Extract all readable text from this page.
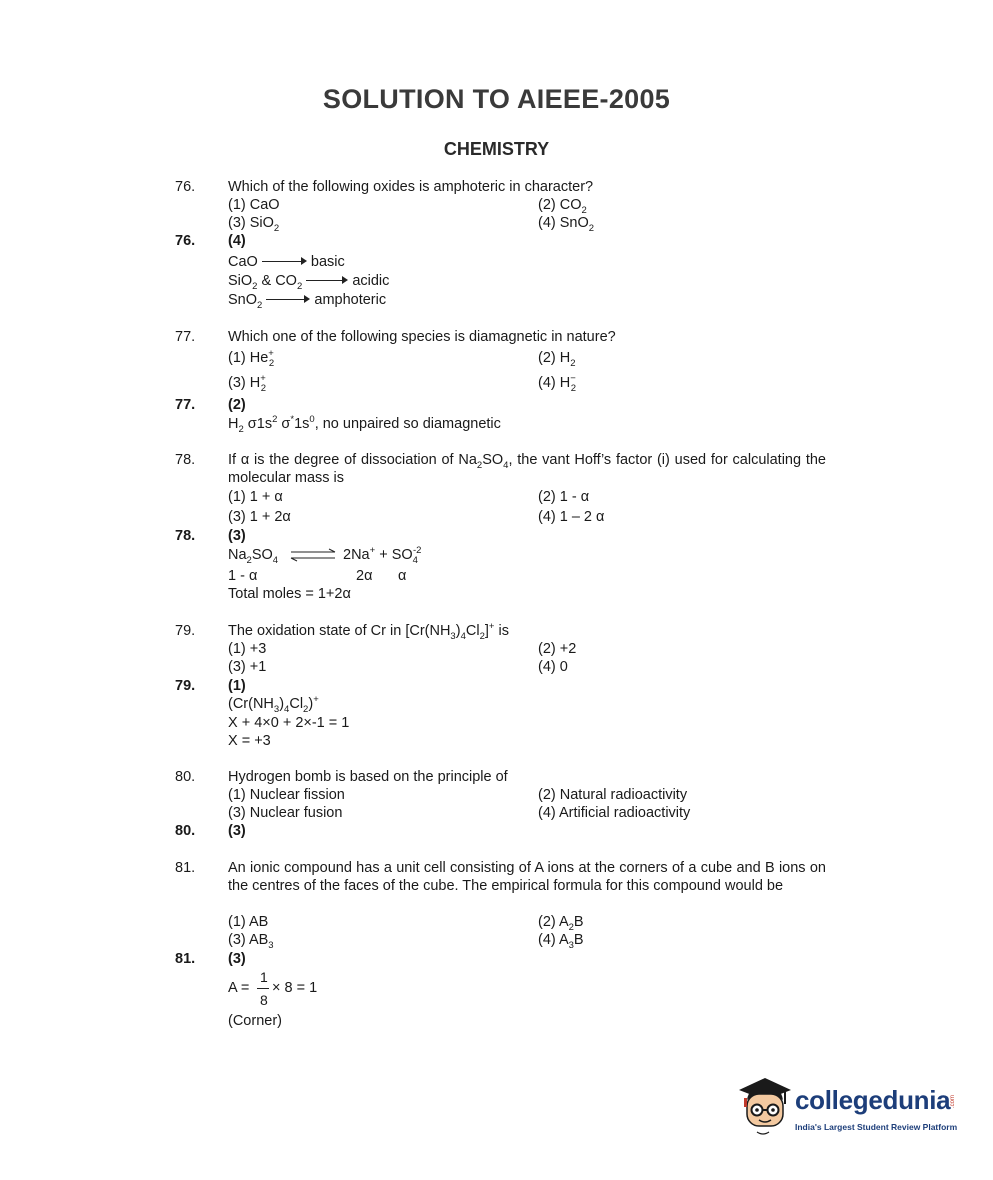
SOLUTION TO AIEEE-2005
CHEMISTRY
76. Which of the following oxides is amphoteric in character?
(1) CaO	(2) $CO_2$
(3) SiO$_2$	(4) SnO$_2$
76. (4)
CaO	basic
SiO$_2$ & $CO_2$	acidic
SnO$_2$	amphoteric
77. Which one of the following species is diamagnetic in nature?
(1) $He^+_2$	(2) $H_2$
(3) $H^+_2$	(4) $H^-_2$
77. (2)
$H_2$ $\sigma 1s^2$ $\sigma^*1s^0$, no unpaired so diamagnetic
78. If α is the degree of dissociation of $Na_2SO_4$, the vant Hoff’s factor (i) used for calculating the molecular mass is
(1) 1 + α	(2) 1 - α
(3) 1 + 2α	(4) 1 – 2 α
78. (3)
$Na_2SO_4$ ⇌ $2Na^+ + SO_4^{-2}$
1 - α	2α α
Total moles = 1+2α
79. The oxidation state of Cr in $[Cr(NH_3)_4Cl_2]^+$ is
(1) +3	(2) +2
(3) +1	(4) 0
79. (1)
$(Cr(NH_3)_4Cl_2)^+$
X + 4×0 + 2×-1 = 1
X = +3
80. Hydrogen bomb is based on the principle of
(1) Nuclear fission	(2) Natural radioactivity
(3) Nuclear fusion	(4) Artificial radioactivity
80. (3)
81. An ionic compound has a unit cell consisting of A ions at the corners of a cube and B ions on the centres of the faces of the cube. The empirical formula for this compound would be
(1) AB	(2) $A_2B$
(3) $AB_3$	(4) $A_3B$
81. (3)
A =
1
8
× 8 = 1
(Corner)
collegedunia .com
India's Largest Student Review Platform
